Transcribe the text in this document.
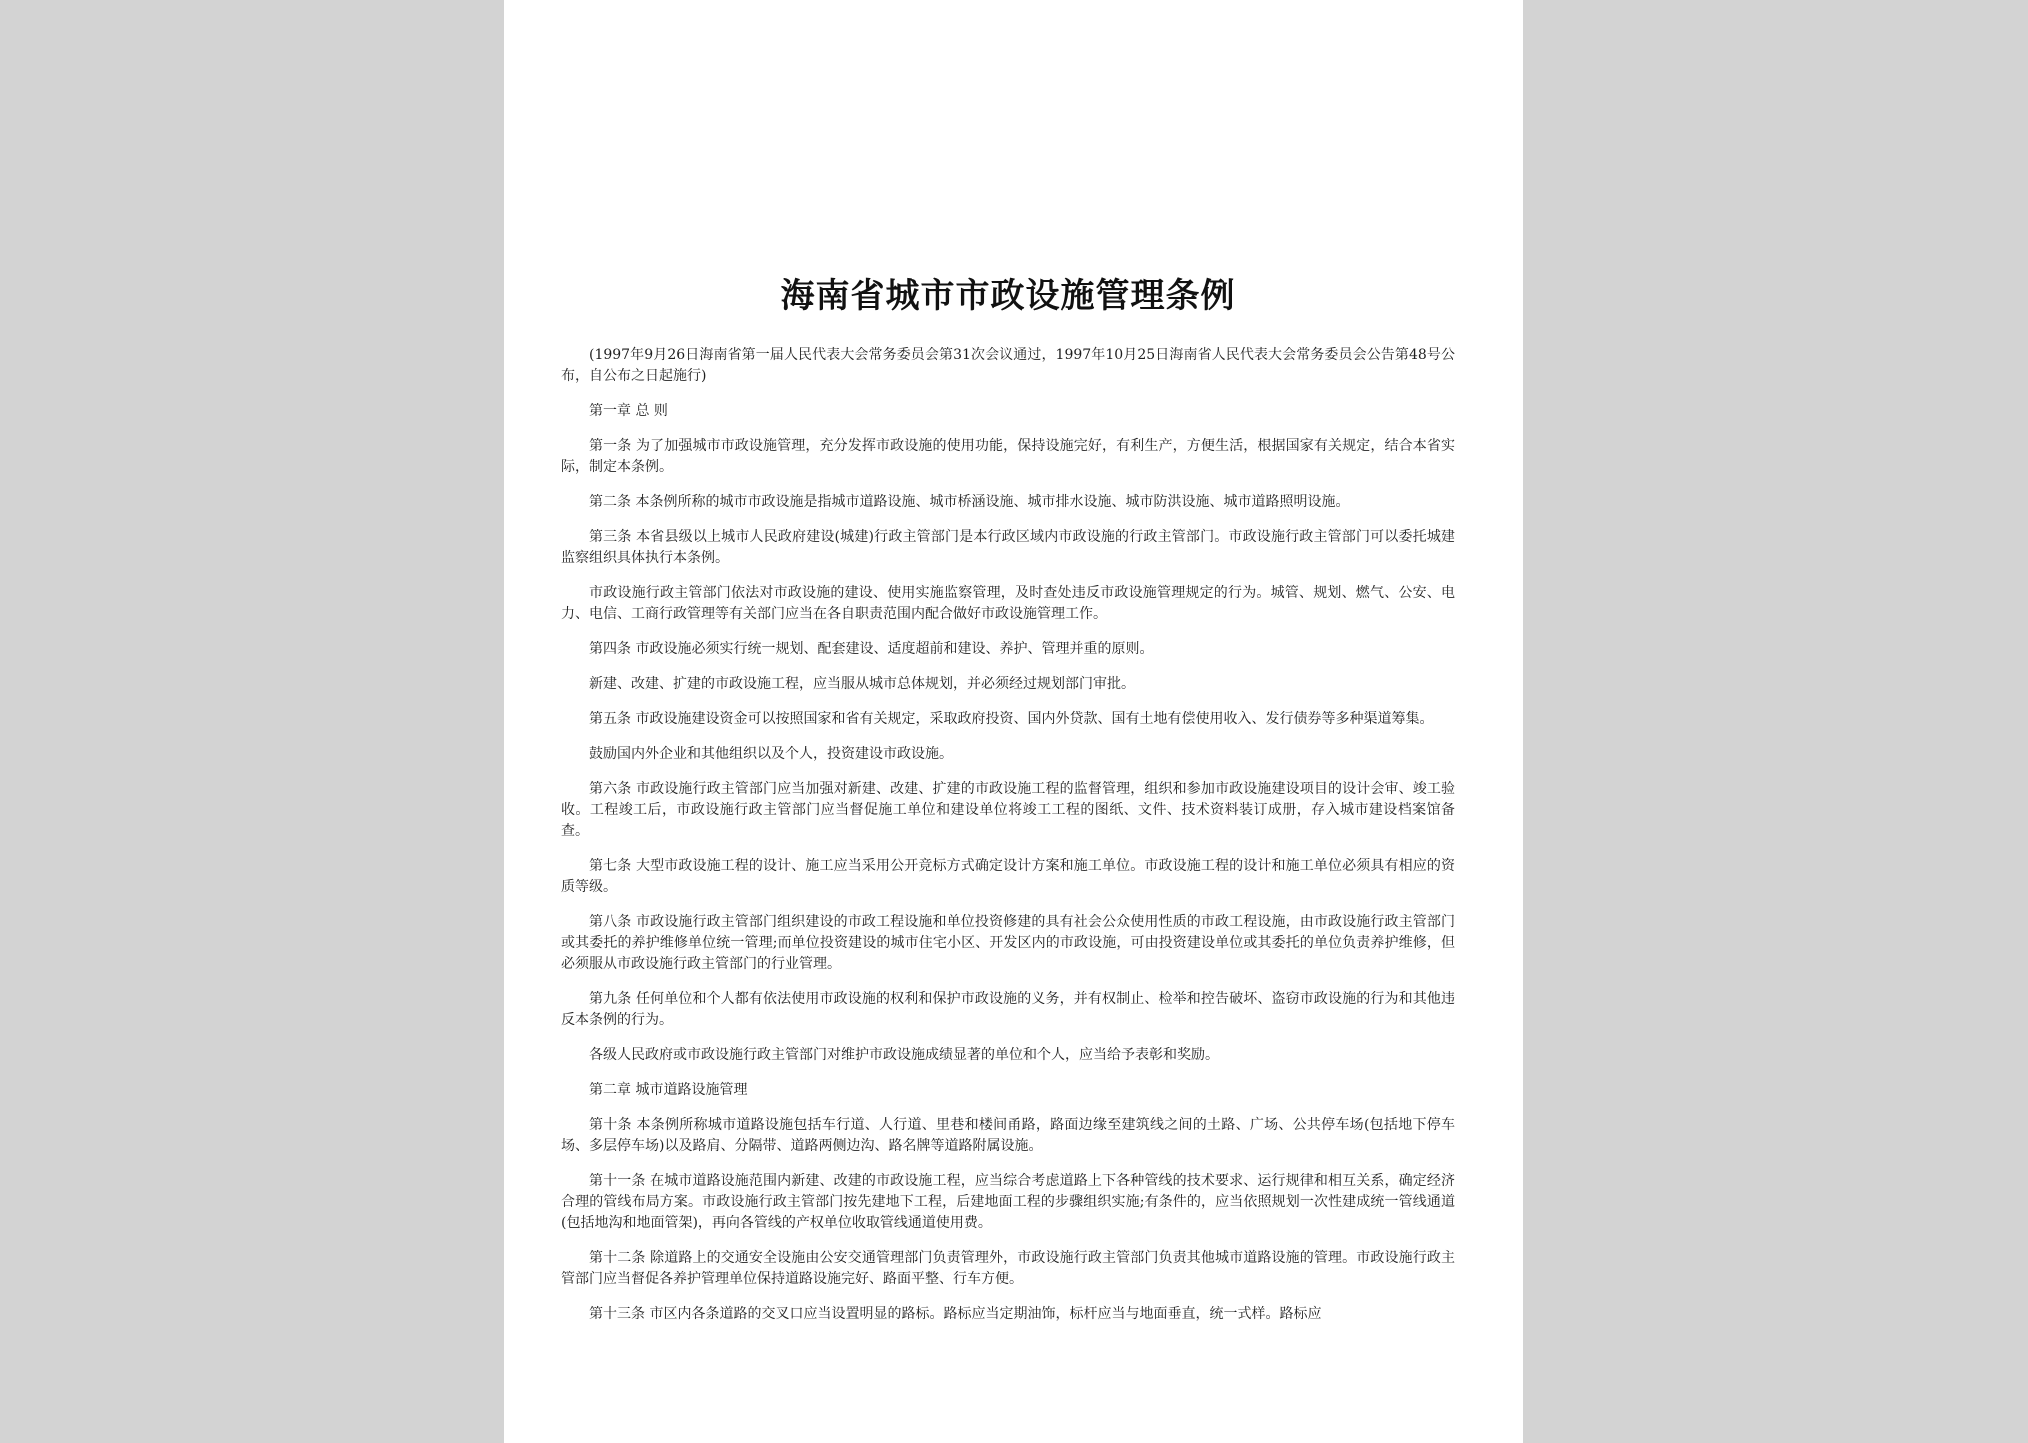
海南省城市市政设施管理条例

(1997年9月26日海南省第一届人民代表大会常务委员会第31次会议通过，1997年10月25日海南省人民代表大会常务委员会公告第48号公布，自公布之日起施行)

第一章 总 则

第一条 为了加强城市市政设施管理，充分发挥市政设施的使用功能，保持设施完好，有利生产，方便生活，根据国家有关规定，结合本省实际，制定本条例。

第二条 本条例所称的城市市政设施是指城市道路设施、城市桥涵设施、城市排水设施、城市防洪设施、城市道路照明设施。

第三条 本省县级以上城市人民政府建设(城建)行政主管部门是本行政区域内市政设施的行政主管部门。市政设施行政主管部门可以委托城建监察组织具体执行本条例。

市政设施行政主管部门依法对市政设施的建设、使用实施监察管理，及时查处违反市政设施管理规定的行为。城管、规划、燃气、公安、电力、电信、工商行政管理等有关部门应当在各自职责范围内配合做好市政设施管理工作。

第四条 市政设施必须实行统一规划、配套建设、适度超前和建设、养护、管理并重的原则。

新建、改建、扩建的市政设施工程，应当服从城市总体规划，并必须经过规划部门审批。

第五条 市政设施建设资金可以按照国家和省有关规定，采取政府投资、国内外贷款、国有土地有偿使用收入、发行债券等多种渠道筹集。

鼓励国内外企业和其他组织以及个人，投资建设市政设施。

第六条 市政设施行政主管部门应当加强对新建、改建、扩建的市政设施工程的监督管理，组织和参加市政设施建设项目的设计会审、竣工验收。工程竣工后，市政设施行政主管部门应当督促施工单位和建设单位将竣工工程的图纸、文件、技术资料装订成册，存入城市建设档案馆备查。

第七条 大型市政设施工程的设计、施工应当采用公开竞标方式确定设计方案和施工单位。市政设施工程的设计和施工单位必须具有相应的资质等级。

第八条 市政设施行政主管部门组织建设的市政工程设施和单位投资修建的具有社会公众使用性质的市政工程设施，由市政设施行政主管部门或其委托的养护维修单位统一管理;而单位投资建设的城市住宅小区、开发区内的市政设施，可由投资建设单位或其委托的单位负责养护维修，但必须服从市政设施行政主管部门的行业管理。

第九条 任何单位和个人都有依法使用市政设施的权利和保护市政设施的义务，并有权制止、检举和控告破坏、盗窃市政设施的行为和其他违反本条例的行为。

各级人民政府或市政设施行政主管部门对维护市政设施成绩显著的单位和个人，应当给予表彰和奖励。

第二章 城市道路设施管理

第十条 本条例所称城市道路设施包括车行道、人行道、里巷和楼间甬路，路面边缘至建筑线之间的土路、广场、公共停车场(包括地下停车场、多层停车场)以及路肩、分隔带、道路两侧边沟、路名牌等道路附属设施。

第十一条 在城市道路设施范围内新建、改建的市政设施工程，应当综合考虑道路上下各种管线的技术要求、运行规律和相互关系，确定经济合理的管线布局方案。市政设施行政主管部门按先建地下工程，后建地面工程的步骤组织实施;有条件的，应当依照规划一次性建成统一管线通道(包括地沟和地面管架)，再向各管线的产权单位收取管线通道使用费。

第十二条 除道路上的交通安全设施由公安交通管理部门负责管理外，市政设施行政主管部门负责其他城市道路设施的管理。市政设施行政主管部门应当督促各养护管理单位保持道路设施完好、路面平整、行车方便。

第十三条 市区内各条道路的交叉口应当设置明显的路标。路标应当定期油饰，标杆应当与地面垂直，统一式样。路标应
